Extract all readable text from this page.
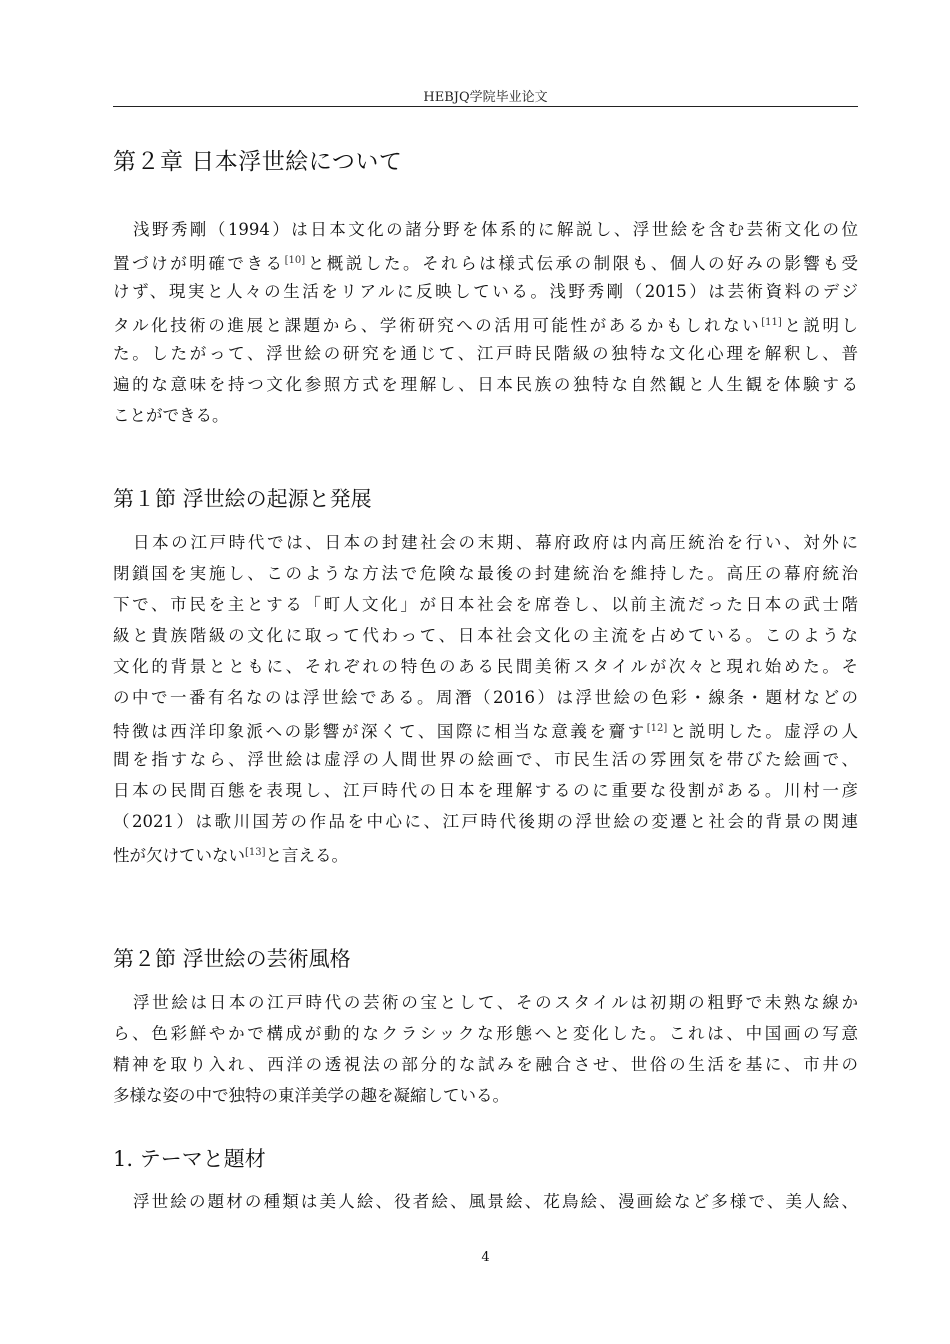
HEBJQ学院毕业论文
第２章 日本浮世絵について
浅野秀剛（1994）は日本文化の諸分野を体系的に解説し、浮世絵を含む芸術文化の位
置づけが明確できる[10]と概説した。それらは様式伝承の制限も、個人の好みの影響も受
けず、現実と人々の生活をリアルに反映している。浅野秀剛（2015）は芸術資料のデジ
タル化技術の進展と課題から、学術研究への活用可能性があるかもしれない[11]と説明し
た。したがって、浮世絵の研究を通じて、江戸時民階級の独特な文化心理を解釈し、普
遍的な意味を持つ文化参照方式を理解し、日本民族の独特な自然観と人生観を体験する
ことができる。
第１節 浮世絵の起源と発展
日本の江戸時代では、日本の封建社会の末期、幕府政府は内高圧統治を行い、対外に
閉鎖国を実施し、このような方法で危険な最後の封建統治を維持した。高圧の幕府統治
下で、市民を主とする「町人文化」が日本社会を席巻し、以前主流だった日本の武士階
級と貴族階級の文化に取って代わって、日本社会文化の主流を占めている。このような
文化的背景とともに、それぞれの特色のある民間美術スタイルが次々と現れ始めた。そ
の中で一番有名なのは浮世絵である。周潛（2016）は浮世絵の色彩・線条・題材などの
特徴は西洋印象派への影響が深くて、国際に相当な意義を齎す[12]と説明した。虚浮の人
間を指すなら、浮世絵は虚浮の人間世界の絵画で、市民生活の雰囲気を帯びた絵画で、
日本の民間百態を表現し、江戸時代の日本を理解するのに重要な役割がある。川村一彦
（2021）は歌川国芳の作品を中心に、江戸時代後期の浮世絵の変遷と社会的背景の関連
性が欠けていない[13]と言える。
第２節 浮世絵の芸術風格
浮世絵は日本の江戸時代の芸術の宝として、そのスタイルは初期の粗野で未熟な線か
ら、色彩鮮やかで構成が動的なクラシックな形態へと変化した。これは、中国画の写意
精神を取り入れ、西洋の透視法の部分的な試みを融合させ、世俗の生活を基に、市井の
多様な姿の中で独特の東洋美学の趣を凝縮している。
1. テーマと題材
浮世絵の題材の種類は美人絵、役者絵、風景絵、花鳥絵、漫画絵など多様で、美人絵、
4
